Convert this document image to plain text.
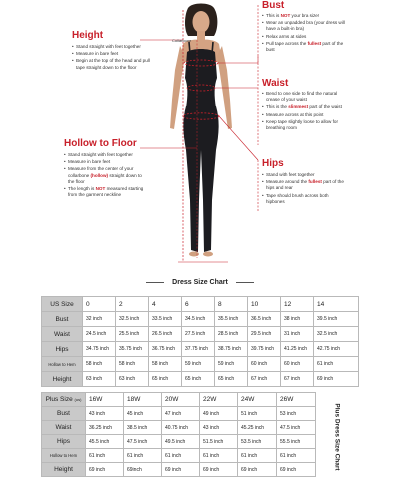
Collarbone
Height
• Stand straight with feet together
• Measure in bare feet
• Begin at the top of the head and pull tape straight down to the floor
Hollow to Floor
• Stand straight with feet together
• Measure in bare feet
• Measure from the center of your collarbone (hollow) straight down to the floor
• The length is NOT measured starting from the garment neckline
Bust
• This is NOT your bra size!
• Wear an unpadded bra (your dress will have a built-in bra)
• Relax arms at sides
• Pull tape across the fullest part of the bust
Waist
• Bend to one side to find the natural crease of your waist
• This is the slimmest part of the waist
• Measure across at this point
• Keep tape slightly loose to allow for breathing room
Hips
• Stand with feet together
• Measure around the fullest part of the hips and rear
• Tape should brush across both hipbones
Dress Size Chart
US Size	0	2	4	6	8	10	12	14
Bust	32 inch	32.5 inch	33.5 inch	34.5 inch	35.5 inch	36.5 inch	38 inch	39.5 inch
Waist	24.5 inch	25.5 inch	26.5 inch	27.5 inch	28.5 inch	29.5 inch	31 inch	32.5 inch
Hips	34.75 inch	35.75 inch	36.75 inch	37.75 inch	38.75 inch	39.75 inch	41.25 inch	42.75 inch
Hollow to Hem	58 inch	58 inch	58 inch	59 inch	59 inch	60 inch	60 inch	61 inch
Height	63 inch	63 inch	65 inch	65 inch	65 inch	67 inch	67 inch	69 inch
Plus Size (us)	16W	18W	20W	22W	24W	26W
Bust	43 inch	45 inch	47 inch	49 inch	51 inch	53 inch
Waist	36.25 inch	38.5 inch	40.75 inch	43 inch	45.25 inch	47.5 inch
Hips	45.5 inch	47.5 inch	49.5 inch	51.5 inch	53.5 inch	55.5 inch
Hollow to Hem	61 inch	61 inch	61 inch	61 inch	61 inch	61 inch
Height	69 inch	69inch	69 inch	69 inch	69 inch	69 inch	Plus Dress Size Chart
